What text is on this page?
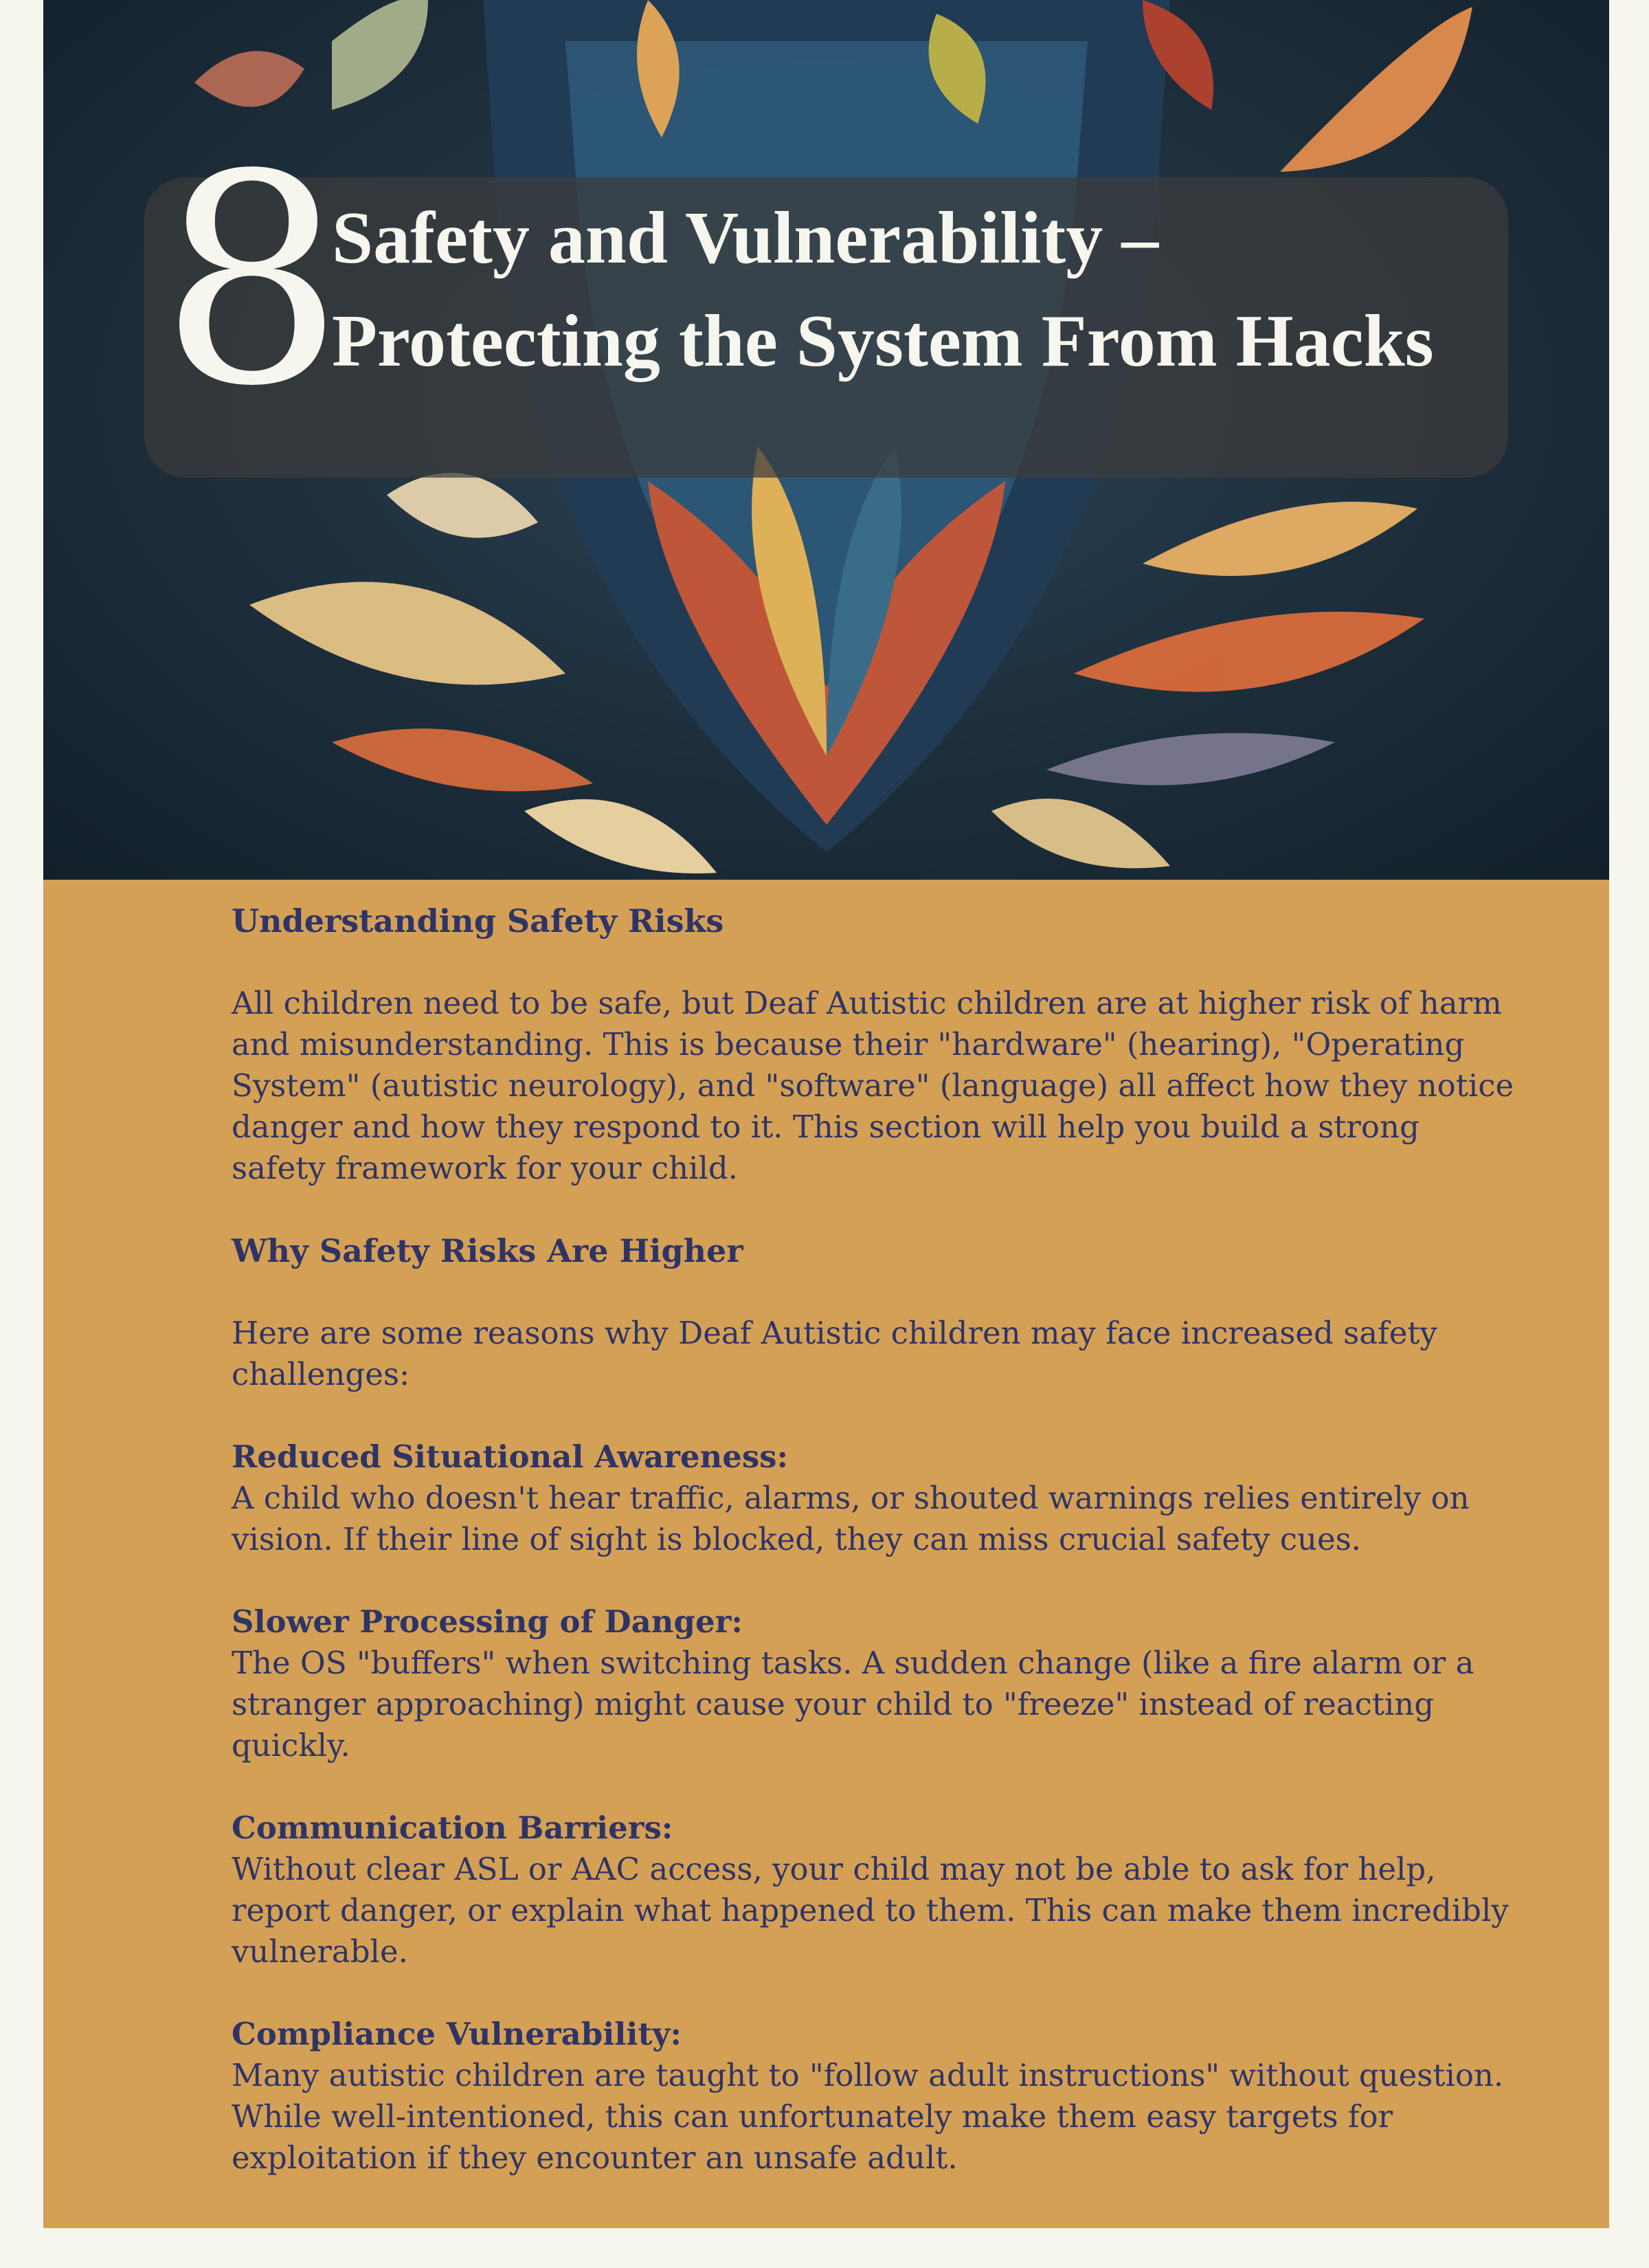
8
Safety and Vulnerability – Protecting the System From Hacks
Understanding Safety Risks

All children need to be safe, but Deaf Autistic children are at higher risk of harm and misunderstanding. This is because their "hardware" (hearing), "Operating System" (autistic neurology), and "software" (language) all affect how they notice danger and how they respond to it. This section will help you build a strong safety framework for your child.

Why Safety Risks Are Higher

Here are some reasons why Deaf Autistic children may face increased safety challenges:

Reduced Situational Awareness:
A child who doesn't hear traffic, alarms, or shouted warnings relies entirely on vision. If their line of sight is blocked, they can miss crucial safety cues.

Slower Processing of Danger:
The OS "buffers" when switching tasks. A sudden change (like a fire alarm or a stranger approaching) might cause your child to "freeze" instead of reacting quickly.

Communication Barriers:
Without clear ASL or AAC access, your child may not be able to ask for help, report danger, or explain what happened to them. This can make them incredibly vulnerable.

Compliance Vulnerability:
Many autistic children are taught to "follow adult instructions" without question. While well-intentioned, this can unfortunately make them easy targets for exploitation if they encounter an unsafe adult.
